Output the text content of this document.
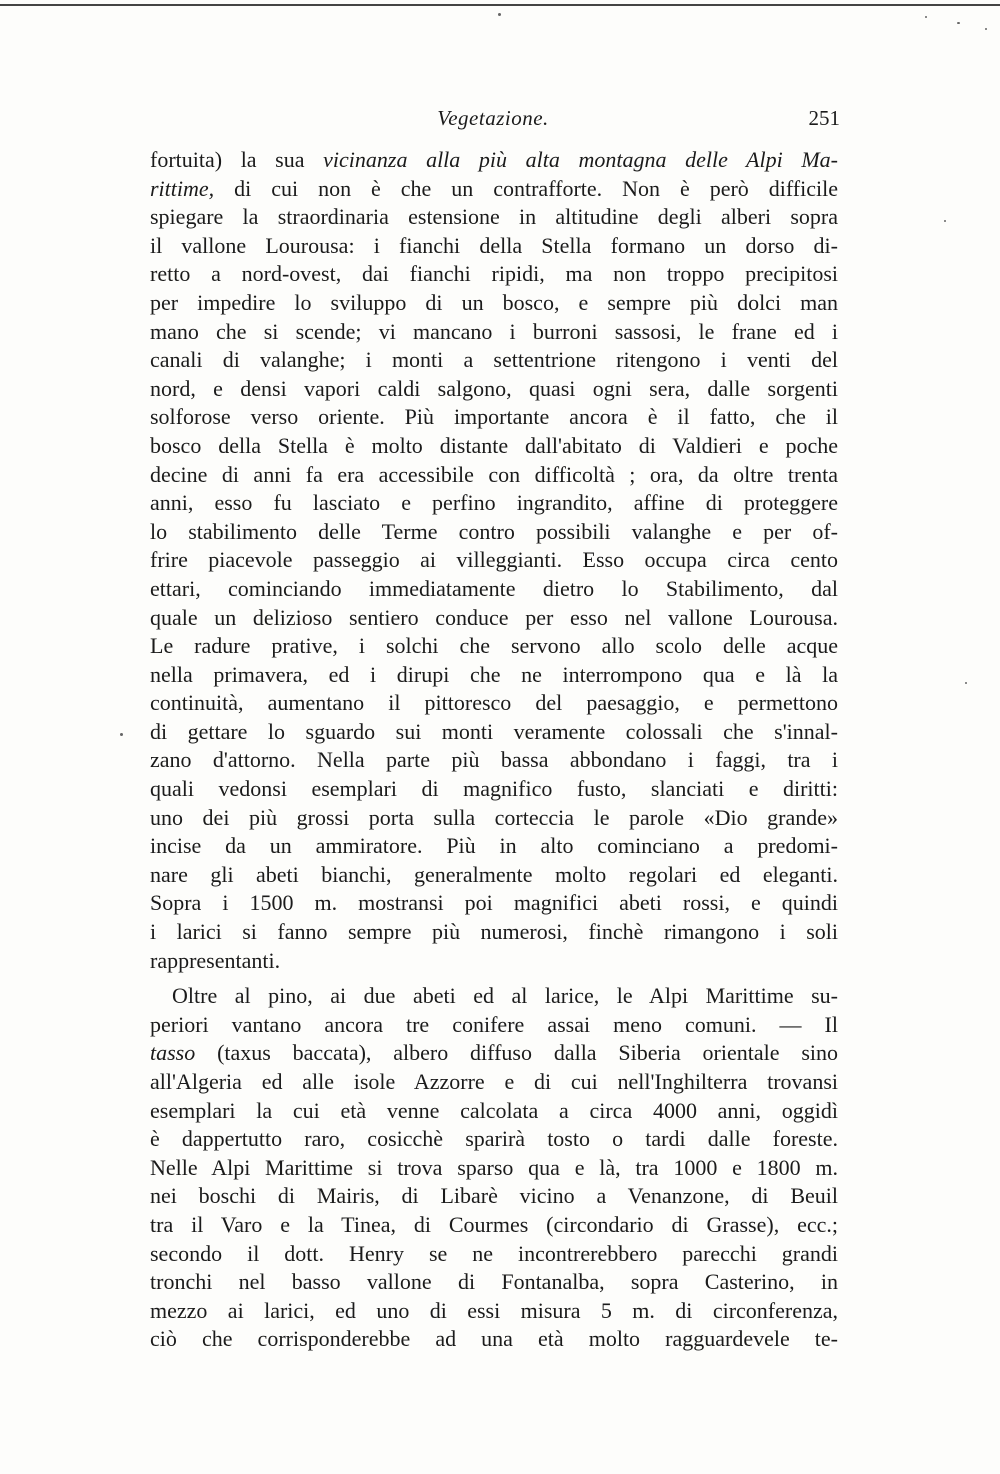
Vegetazione.	251
fortuita) la sua vicinanza alla più alta montagna delle Alpi Ma-
rittime, di cui non è che un contrafforte. Non è però difficile
spiegare la straordinaria estensione in altitudine degli alberi sopra
il vallone Lourousa: i fianchi della Stella formano un dorso di-
retto a nord-ovest, dai fianchi ripidi, ma non troppo precipitosi
per impedire lo sviluppo di un bosco, e sempre più dolci man
mano che si scende; vi mancano i burroni sassosi, le frane ed i
canali di valanghe; i monti a settentrione ritengono i venti del
nord, e densi vapori caldi salgono, quasi ogni sera, dalle sorgenti
solforose verso oriente. Più importante ancora è il fatto, che il
bosco della Stella è molto distante dall'abitato di Valdieri e poche
decine di anni fa era accessibile con difficoltà ; ora, da oltre trenta
anni, esso fu lasciato e perfino ingrandito, affine di proteggere
lo stabilimento delle Terme contro possibili valanghe e per of-
frire piacevole passeggio ai villeggianti. Esso occupa circa cento
ettari, cominciando immediatamente dietro lo Stabilimento, dal
quale un delizioso sentiero conduce per esso nel vallone Lourousa.
Le radure prative, i solchi che servono allo scolo delle acque
nella primavera, ed i dirupi che ne interrompono qua e là la
continuità, aumentano il pittoresco del paesaggio, e permettono
di gettare lo sguardo sui monti veramente colossali che s'innal-
zano d'attorno. Nella parte più bassa abbondano i faggi, tra i
quali vedonsi esemplari di magnifico fusto, slanciati e diritti:
uno dei più grossi porta sulla corteccia le parole «Dio grande»
incise da un ammiratore. Più in alto cominciano a predomi-
nare gli abeti bianchi, generalmente molto regolari ed eleganti.
Sopra i 1500 m. mostransi poi magnifici abeti rossi, e quindi
i larici si fanno sempre più numerosi, finchè rimangono i soli
rappresentanti.
Oltre al pino, ai due abeti ed al larice, le Alpi Marittime su-
periori vantano ancora tre conifere assai meno comuni. — Il
tasso (taxus baccata), albero diffuso dalla Siberia orientale sino
all'Algeria ed alle isole Azzorre e di cui nell'Inghilterra trovansi
esemplari la cui età venne calcolata a circa 4000 anni, oggidì
è dappertutto raro, cosicchè sparirà tosto o tardi dalle foreste.
Nelle Alpi Marittime si trova sparso qua e là, tra 1000 e 1800 m.
nei boschi di Mairis, di Libarè vicino a Venanzone, di Beuil
tra il Varo e la Tinea, di Courmes (circondario di Grasse), ecc.;
secondo il dott. Henry se ne incontrerebbero parecchi grandi
tronchi nel basso vallone di Fontanalba, sopra Casterino, in
mezzo ai larici, ed uno di essi misura 5 m. di circonferenza,
ciò che corrisponderebbe ad una età molto ragguardevele te-
